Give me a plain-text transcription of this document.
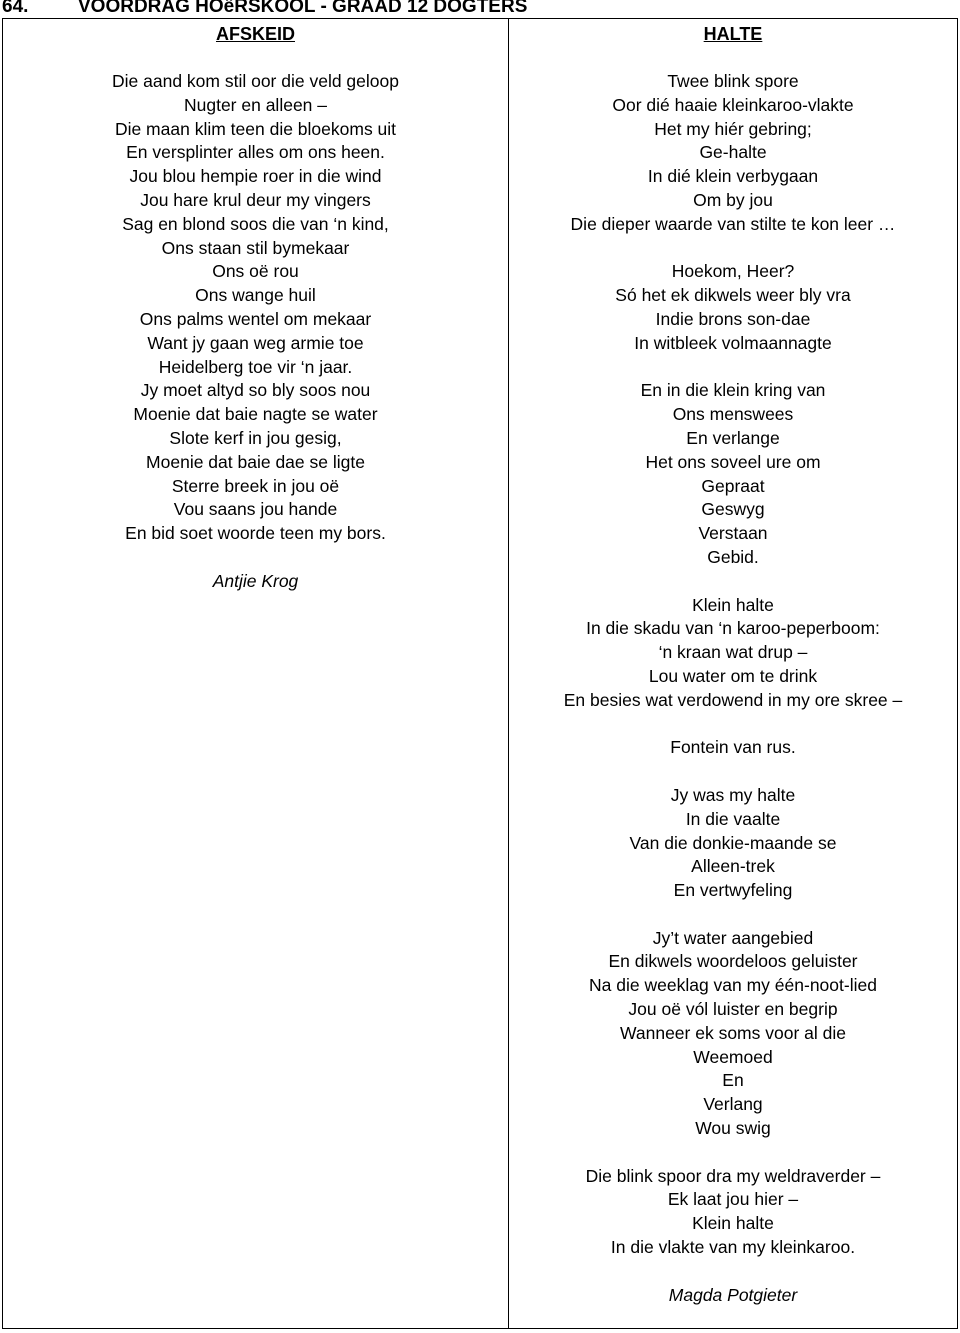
64.	VOORDRAG HOëRSKOOL - GRAAD 12 DOGTERS
AFSKEID
Die aand kom stil oor die veld geloop
Nugter en alleen –
Die maan klim teen die bloekoms uit
En versplinter alles om ons heen.
Jou blou hempie roer in die wind
Jou hare krul deur my vingers
Sag en blond soos die van ‘n kind,
Ons staan stil bymekaar
Ons oë rou
Ons wange huil
Ons palms wentel om mekaar
Want jy gaan weg armie toe
Heidelberg toe vir ‘n jaar.
Jy moet altyd so bly soos nou
Moenie dat baie nagte se water
Slote kerf in jou gesig,
Moenie dat baie dae se ligte
Sterre breek in jou oë
Vou saans jou hande
En bid soet woorde teen my bors.
Antjie Krog
HALTE
Twee blink spore
Oor dié haaie kleinkaroo-vlakte
Het my hiér gebring;
Ge-halte
In dié klein verbygaan
Om by jou
Die dieper waarde van stilte te kon leer …
Hoekom, Heer?
Só het ek dikwels weer bly vra
Indie brons son-dae
In witbleek volmaannagte
En in die klein kring van
Ons menswees
En verlange
Het ons soveel ure om
Gepraat
Geswyg
Verstaan
Gebid.
Klein halte
In die skadu van ‘n karoo-peperboom:
‘n kraan wat drup –
Lou water om te drink
En besies wat verdowend in my ore skree –
Fontein van rus.
Jy was my halte
In die vaalte
Van die donkie-maande se
Alleen-trek
En vertwyfeling
Jy’t water aangebied
En dikwels woordeloos geluister
Na die weeklag van my één-noot-lied
Jou oë vól luister en begrip
Wanneer ek soms voor al die
Weemoed
En
Verlang
Wou swig
Die blink spoor dra my weldraverder –
Ek laat jou hier –
Klein halte
In die vlakte van my kleinkaroo.
Magda Potgieter
